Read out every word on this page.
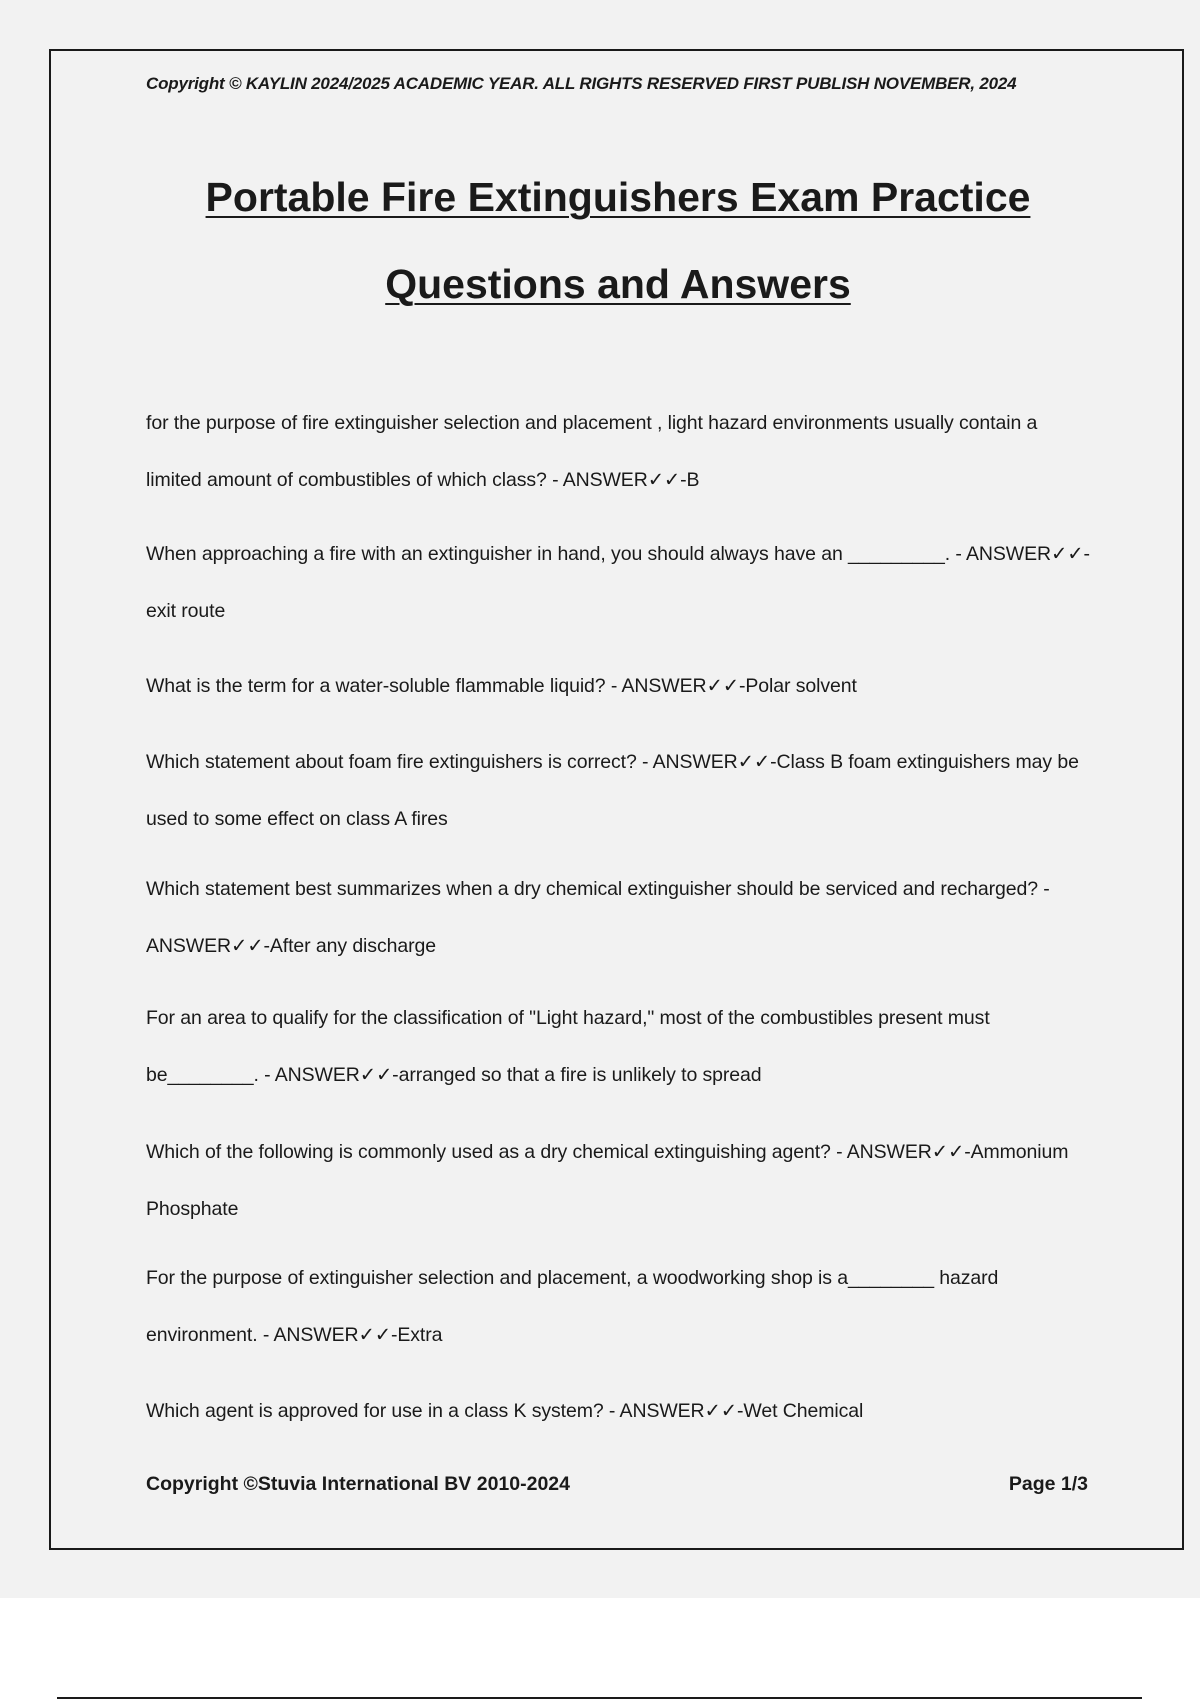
Copyright © KAYLIN 2024/2025 ACADEMIC YEAR. ALL RIGHTS RESERVED FIRST PUBLISH NOVEMBER, 2024
Portable Fire Extinguishers Exam Practice
Questions and Answers
for the purpose of fire extinguisher selection and placement , light hazard environments usually contain a limited amount of combustibles of which class? - ANSWER✓✓-B
When approaching a fire with an extinguisher in hand, you should always have an _________. - ANSWER✓✓-exit route
What is the term for a water-soluble flammable liquid? - ANSWER✓✓-Polar solvent
Which statement about foam fire extinguishers is correct? - ANSWER✓✓-Class B foam extinguishers may be used to some effect on class A fires
Which statement best summarizes when a dry chemical extinguisher should be serviced and recharged? - ANSWER✓✓-After any discharge
For an area to qualify for the classification of "Light hazard," most of the combustibles present must be________. - ANSWER✓✓-arranged so that a fire is unlikely to spread
Which of the following is commonly used as a dry chemical extinguishing agent? - ANSWER✓✓-Ammonium Phosphate
For the purpose of extinguisher selection and placement, a woodworking shop is a________ hazard environment. - ANSWER✓✓-Extra
Which agent is approved for use in a class K system? - ANSWER✓✓-Wet Chemical
Copyright ©Stuvia International BV 2010-2024	Page 1/3
